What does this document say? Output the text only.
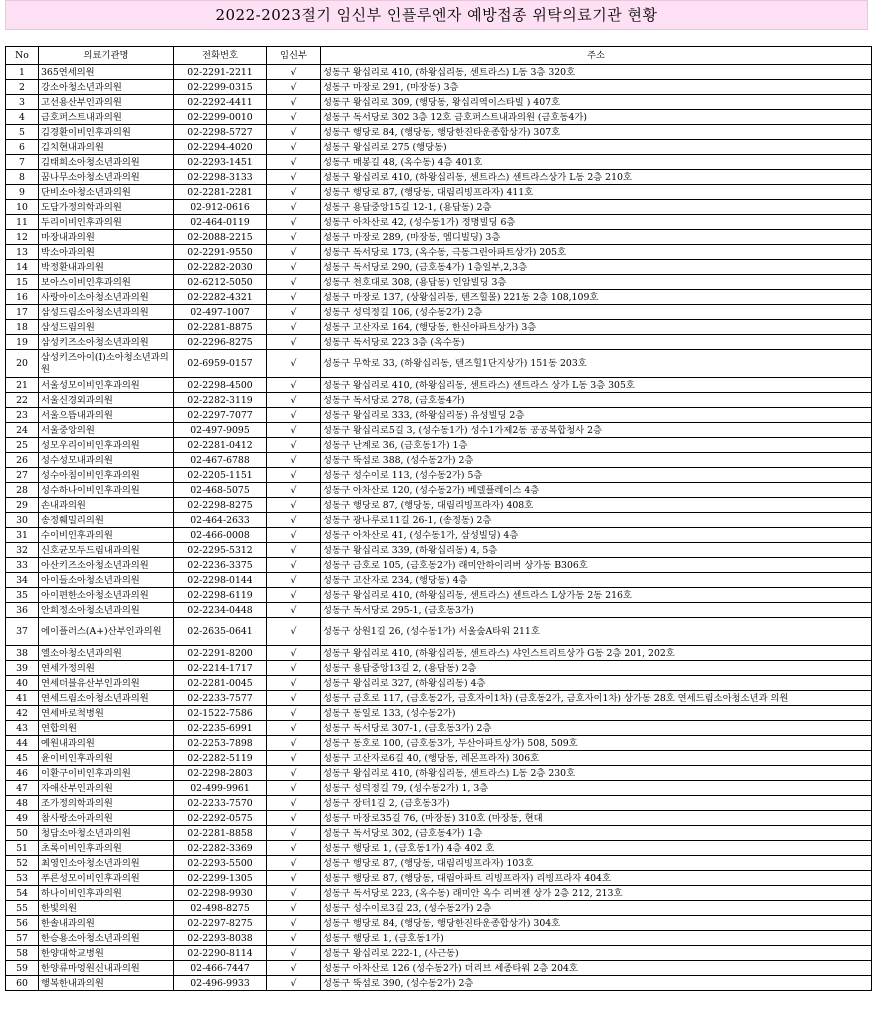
2022-2023절기 임신부 인플루엔자 예방접종 위탁의료기관 현황
No	의료기관명	전화번호	임신부	주소
1	365연세의원	02-2291-2211	√	성동구 왕십리로 410, (하왕십리동, 센트라스) L동 3층 320호
2	강소아청소년과의원	02-2299-0315	√	성동구 마장로 291, (마장동) 3층
3	고선용산부인과의원	02-2292-4411	√	성동구 왕십리로 309, (행당동, 왕십리역이스타빌 ) 407호
4	금호퍼스트내과의원	02-2299-0010	√	성동구 독서당로 302 3층 12호 금호퍼스트내과의원 (금호동4가)
5	김경환이비인후과의원	02-2298-5727	√	성동구 행당로 84, (행당동, 행당한진타운종합상가) 307호
6	김치현내과의원	02-2294-4020	√	성동구 왕십리로 275 (행당동)
7	김태희소아청소년과의원	02-2293-1451	√	성동구 매봉길 48, (옥수동) 4층 401호
8	꿈나무소아청소년과의원	02-2298-3133	√	성동구 왕십리로 410, (하왕십리동, 센트라스) 센트라스상가 L동 2층 210호
9	단비소아청소년과의원	02-2281-2281	√	성동구 행당로 87, (행당동, 대림리빙프라자) 411호
10	도담가정의학과의원	02-912-0616	√	성동구 용답중앙15길 12-1, (용답동) 2층
11	두리이비인후과의원	02-464-0119	√	성동구 아차산로 42, (성수동1가) 정명빌딩 6층
12	마장내과의원	02-2088-2215	√	성동구 마장로 289, (마장동, 엠디빌딩) 3층
13	박소아과의원	02-2291-9550	√	성동구 독서당로 173, (옥수동, 극동그린아파트상가) 205호
14	박정환내과의원	02-2282-2030	√	성동구 독서당로 290, (금호동4가) 1층일부,2,3층
15	보아스이비인후과의원	02-6212-5050	√	성동구 천호대로 308, (용답동) 인암빌딩 3층
16	사랑아이소아청소년과의원	02-2282-4321	√	성동구 마장로 137, (상왕십리동, 텐즈힐몰) 221동 2층 108,109호
17	삼성드림소아청소년과의원	02-497-1007	√	성동구 성덕정길 106, (성수동2가) 2층
18	삼성드림의원	02-2281-8875	√	성동구 고산자로 164, (행당동, 한신아파트상가) 3층
19	삼성키즈소아청소년과의원	02-2296-8275	√	성동구 독서당로 223 3층 (옥수동)
20	삼성키즈아이(I)소아청소년과의원	02-6959-0157	√	성동구 무학로 33, (하왕십리동, 텐즈힐1단지상가) 151동 203호
21	서울성모이비인후과의원	02-2298-4500	√	성동구 왕십리로 410, (하왕십리동, 센트라스) 센트라스 상가 L동 3층 305호
22	서울신경외과의원	02-2282-3119	√	성동구 독서당로 278, (금호동4가)
23	서울으뜸내과의원	02-2297-7077	√	성동구 왕십리로 333, (하왕십리동) 유성빌딩 2층
24	서울중앙의원	02-497-9095	√	성동구 왕십리로5길 3, (성수동1가) 성수1가제2동 공공복합청사 2층
25	성모우리이비인후과의원	02-2281-0412	√	성동구 난계로 36, (금호동1가) 1층
26	성수성모내과의원	02-467-6788	√	성동구 뚝섬로 388, (성수동2가) 2층
27	성수아침이비인후과의원	02-2205-1151	√	성동구 성수이로 113, (성수동2가) 5층
28	성수하나이비인후과의원	02-468-5075	√	성동구 아차산로 120, (성수동2가) 베델플레이스 4층
29	손내과의원	02-2298-8275	√	성동구 행당로 87, (행당동, 대림리빙프라자) 408호
30	송정훼밀리의원	02-464-2633	√	성동구 광나루로11길 26-1, (송정동) 2층
31	수이비인후과의원	02-466-0008	√	성동구 아차산로 41, (성수동1가, 삼성빌딩) 4층
32	신호균모두드림내과의원	02-2295-5312	√	성동구 왕십리로 339, (하왕십리동) 4, 5층
33	아산키즈소아청소년과의원	02-2236-3375	√	성동구 금호로 105, (금호동2가) 래미안하이리버 상가동 B306호
34	아이들소아청소년과의원	02-2298-0144	√	성동구 고산자로 234, (행당동) 4층
35	아이편한소아청소년과의원	02-2298-6119	√	성동구 왕십리로 410, (하왕십리동, 센트라스) 센트라스 L상가동 2동 216호
36	안희정소아청소년과의원	02-2234-0448	√	성동구 독서당로 295-1, (금호동3가)
37	에이플러스(A+)산부인과의원	02-2635-0641	√	성동구 상원1길 26, (성수동1가) 서울숲A타워 211호
38	엘소아청소년과의원	02-2291-8200	√	성동구 왕십리로 410, (하왕십리동, 센트라스) 샤인스트리트상가 G동 2층 201, 202호
39	연세가정의원	02-2214-1717	√	성동구 용답중앙13길 2, (용답동) 2층
40	연세더블유산부인과의원	02-2281-0045	√	성동구 왕십리로 327, (하왕십리동) 4층
41	연세드림소아청소년과의원	02-2233-7577	√	성동구 금호로 117, (금호동2가, 금호자이1차) (금호동2가, 금호자이1차) 상가동 28호 연세드림소아청소년과 의원
42	연세바로척병원	02-1522-7586	√	성동구 동일로 133, (성수동2가)
43	연합의원	02-2235-6991	√	성동구 독서당로 307-1, (금호동3가) 2층
44	예원내과의원	02-2253-7898	√	성동구 동호로 100, (금호동3가, 두산아파트상가) 508, 509호
45	윤이비인후과의원	02-2282-5119	√	성동구 고산자로6길 40, (행당동, 레몬프라자) 306호
46	이환구이비인후과의원	02-2298-2803	√	성동구 왕십리로 410, (하왕십리동, 센트라스) L동 2층 230호
47	자애산부인과의원	02-499-9961	√	성동구 성덕정길 79, (성수동2가) 1, 3층
48	조가정의학과의원	02-2233-7570	√	성동구 장터1길 2, (금호동3가)
49	참사랑소아과의원	02-2292-0575	√	성동구 마장로35길 76, (마장동) 310호 (마장동, 현대
50	청담소아청소년과의원	02-2281-8858	√	성동구 독서당로 302, (금호동4가) 1층
51	초록이비인후과의원	02-2282-3369	√	성동구 행당로 1, (금호동1가) 4층 402 호
52	최영인소아청소년과의원	02-2293-5500	√	성동구 행당로 87, (행당동, 대림리빙프라자) 103호
53	푸른성모이비인후과의원	02-2299-1305	√	성동구 행당로 87, (행당동, 대림아파트 리빙프라자) 리빙프라자 404호
54	하나이비인후과의원	02-2298-9930	√	성동구 독서당로 223, (옥수동) 래미안 옥수 리버젠 상가 2층 212, 213호
55	한빛의원	02-498-8275	√	성동구 성수이로3길 23, (성수동2가) 2층
56	한솔내과의원	02-2297-8275	√	성동구 행당로 84, (행당동, 행당한진타운종합상가) 304호
57	한승용소아청소년과의원	02-2293-8038	√	성동구 행당로 1, (금호동1가)
58	한양대학교병원	02-2290-8114	√	성동구 왕십리로 222-1, (사근동)
59	한양류마엉원신내과의원	02-466-7447	√	성동구 아차산로 126 (성수동2가) 더리브 세종타워 2층 204호
60	행복한내과의원	02-496-9933	√	성동구 뚝섬로 390, (성수동2가) 2층
